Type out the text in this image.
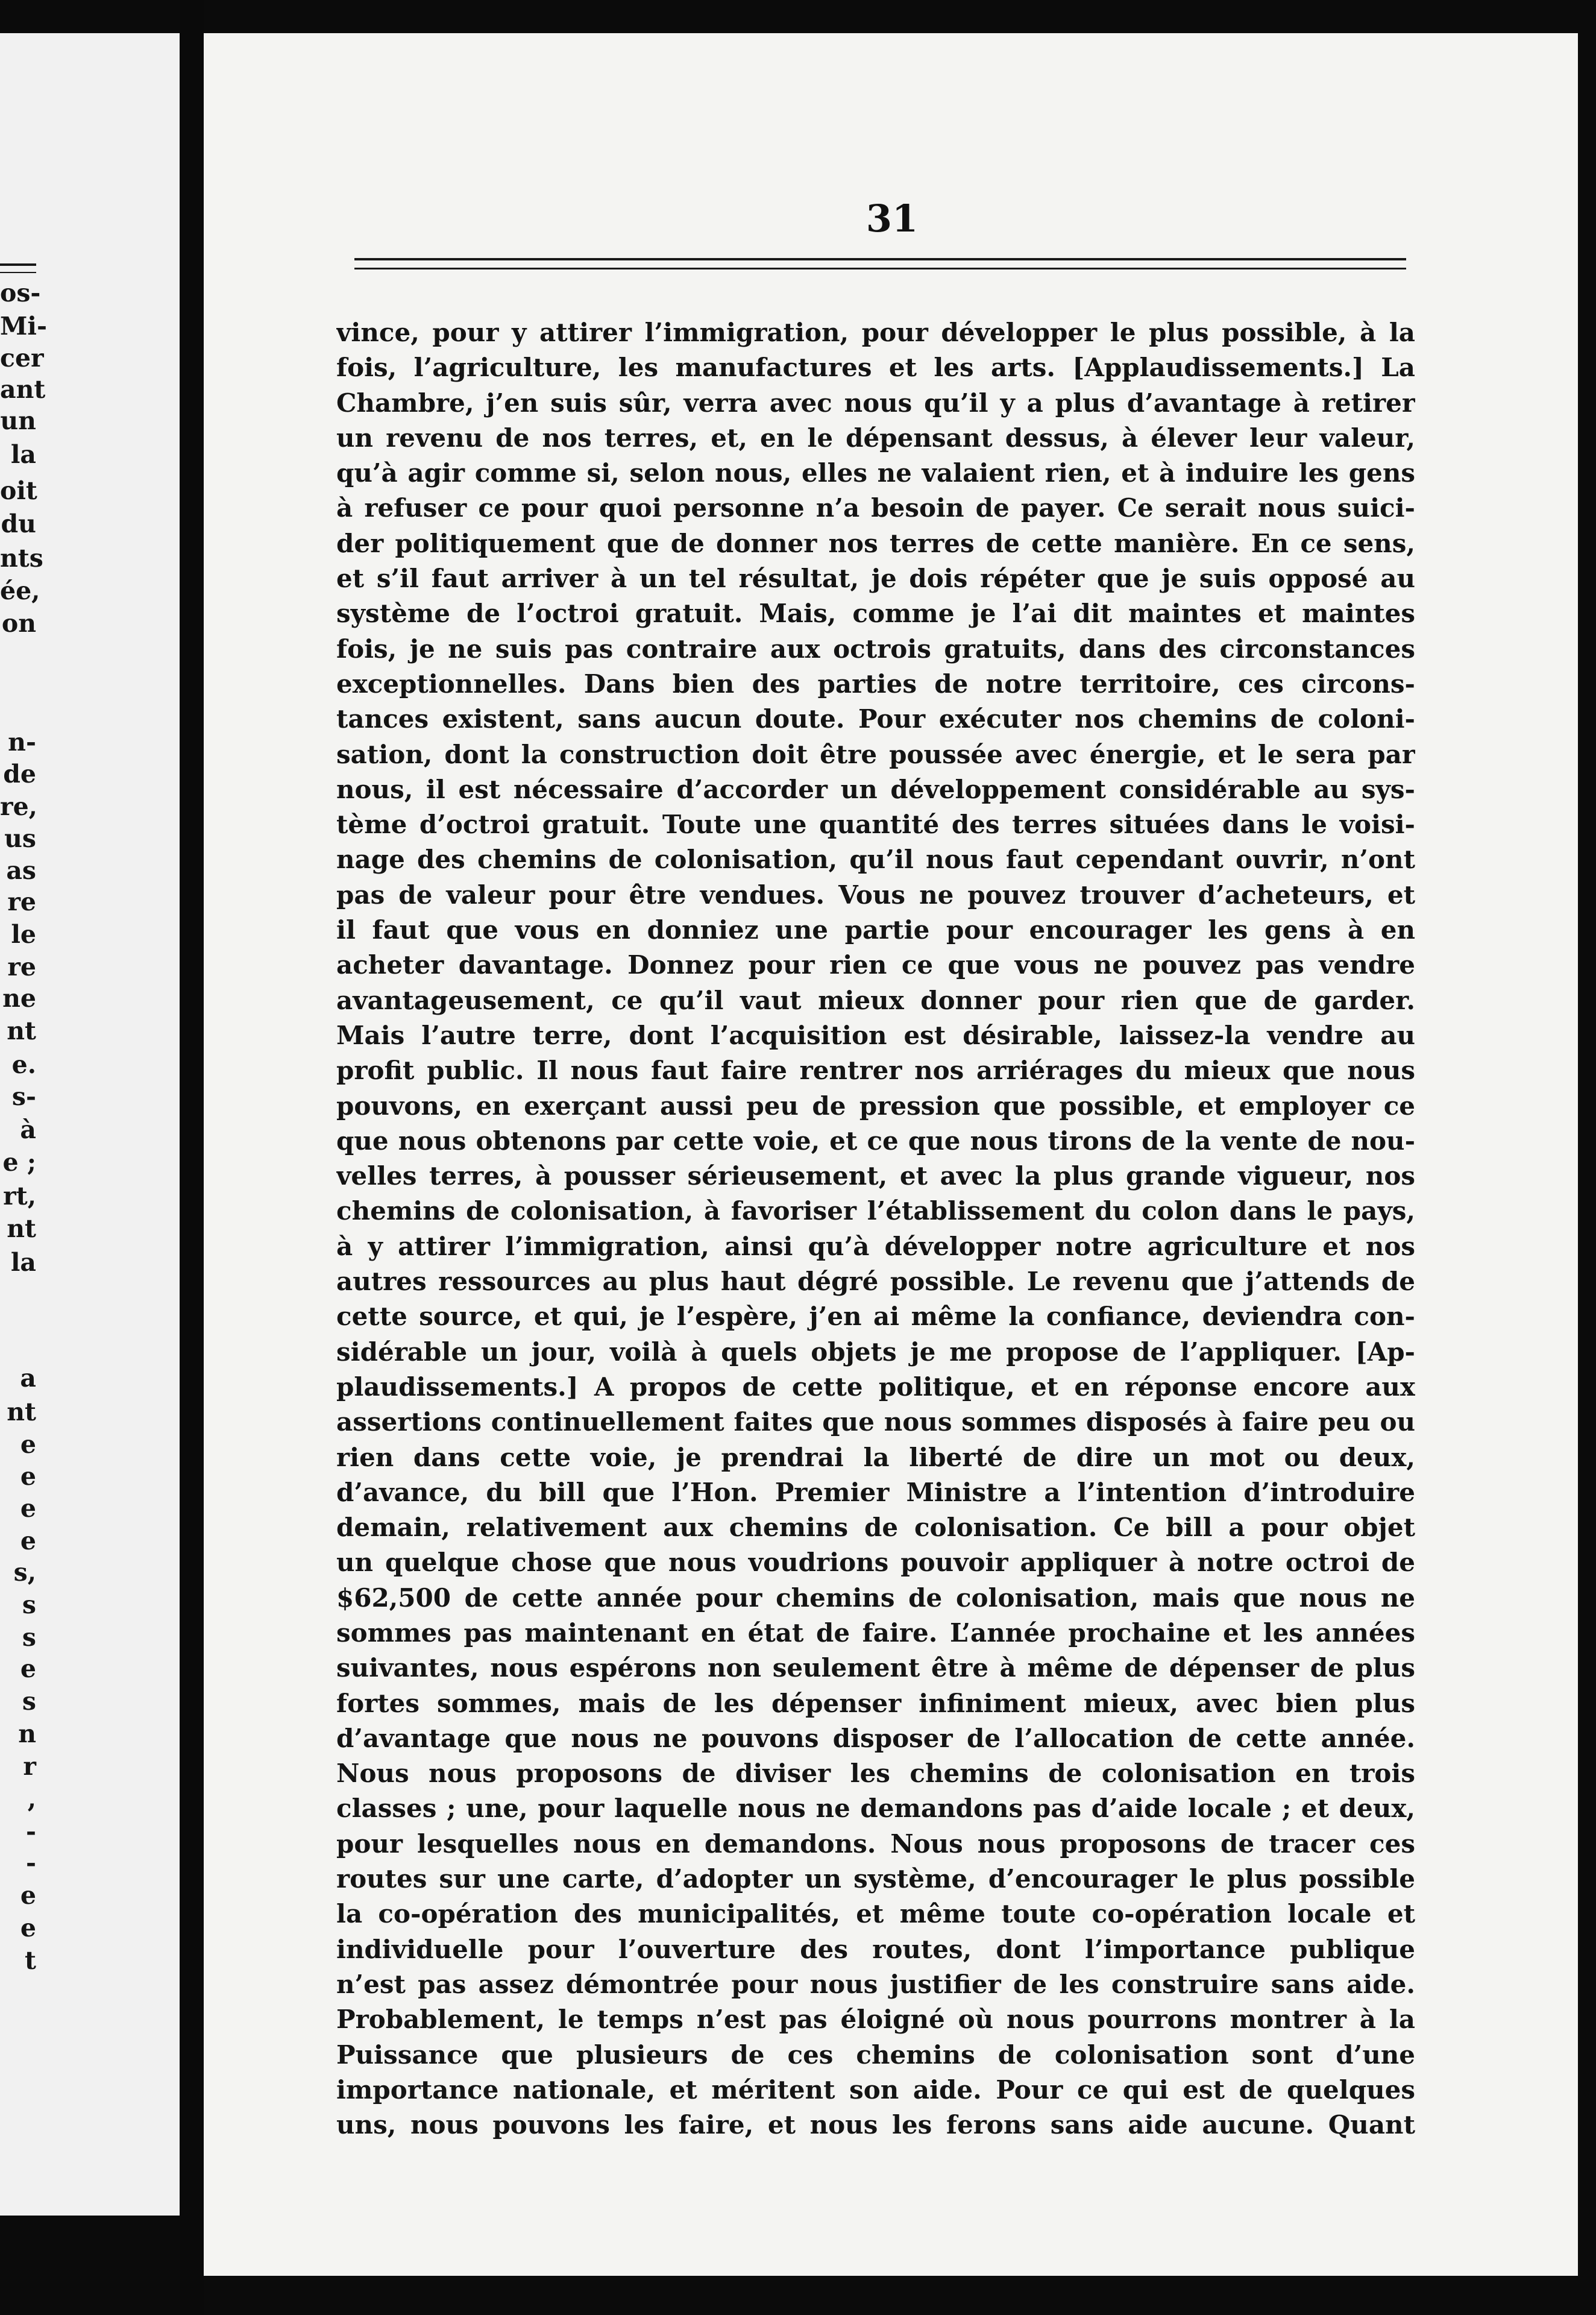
os-
Mi-
cer
ant
un
la
oit
du
nts
ée,
on
n-
de
re,
us
as
re
le
re
ne
nt
e.
s-
à
e ;
rt,
nt
la
a
nt
e
e
e
e
s,
s
s
e
s
n
r
,
-
-
e
e
t
31
vince, pour y attirer l’immigration, pour développer le plus possible, à la
fois, l’agriculture, les manufactures et les arts. [Applaudissements.] La
Chambre, j’en suis sûr, verra avec nous qu’il y a plus d’avantage à retirer
un revenu de nos terres, et, en le dépensant dessus, à élever leur valeur,
qu’à agir comme si, selon nous, elles ne valaient rien, et à induire les gens
à refuser ce pour quoi personne n’a besoin de payer. Ce serait nous suici-
der politiquement que de donner nos terres de cette manière. En ce sens,
et s’il faut arriver à un tel résultat, je dois répéter que je suis opposé au
système de l’octroi gratuit. Mais, comme je l’ai dit maintes et maintes
fois, je ne suis pas contraire aux octrois gratuits, dans des circonstances
exceptionnelles. Dans bien des parties de notre territoire, ces circons-
tances existent, sans aucun doute. Pour exécuter nos chemins de coloni-
sation, dont la construction doit être poussée avec énergie, et le sera par
nous, il est nécessaire d’accorder un développement considérable au sys-
tème d’octroi gratuit. Toute une quantité des terres situées dans le voisi-
nage des chemins de colonisation, qu’il nous faut cependant ouvrir, n’ont
pas de valeur pour être vendues. Vous ne pouvez trouver d’acheteurs, et
il faut que vous en donniez une partie pour encourager les gens à en
acheter davantage. Donnez pour rien ce que vous ne pouvez pas vendre
avantageusement, ce qu’il vaut mieux donner pour rien que de garder.
Mais l’autre terre, dont l’acquisition est désirable, laissez-la vendre au
profit public. Il nous faut faire rentrer nos arriérages du mieux que nous
pouvons, en exerçant aussi peu de pression que possible, et employer ce
que nous obtenons par cette voie, et ce que nous tirons de la vente de nou-
velles terres, à pousser sérieusement, et avec la plus grande vigueur, nos
chemins de colonisation, à favoriser l’établissement du colon dans le pays,
à y attirer l’immigration, ainsi qu’à développer notre agriculture et nos
autres ressources au plus haut dégré possible. Le revenu que j’attends de
cette source, et qui, je l’espère, j’en ai même la confiance, deviendra con-
sidérable un jour, voilà à quels objets je me propose de l’appliquer. [Ap-
plaudissements.] A propos de cette politique, et en réponse encore aux
assertions continuellement faites que nous sommes disposés à faire peu ou
rien dans cette voie, je prendrai la liberté de dire un mot ou deux,
d’avance, du bill que l’Hon. Premier Ministre a l’intention d’introduire
demain, relativement aux chemins de colonisation. Ce bill a pour objet
un quelque chose que nous voudrions pouvoir appliquer à notre octroi de
$62,500 de cette année pour chemins de colonisation, mais que nous ne
sommes pas maintenant en état de faire. L’année prochaine et les années
suivantes, nous espérons non seulement être à même de dépenser de plus
fortes sommes, mais de les dépenser infiniment mieux, avec bien plus
d’avantage que nous ne pouvons disposer de l’allocation de cette année.
Nous nous proposons de diviser les chemins de colonisation en trois
classes ; une, pour laquelle nous ne demandons pas d’aide locale ; et deux,
pour lesquelles nous en demandons. Nous nous proposons de tracer ces
routes sur une carte, d’adopter un système, d’encourager le plus possible
la co-opération des municipalités, et même toute co-opération locale et
individuelle pour l’ouverture des routes, dont l’importance publique
n’est pas assez démontrée pour nous justifier de les construire sans aide.
Probablement, le temps n’est pas éloigné où nous pourrons montrer à la
Puissance que plusieurs de ces chemins de colonisation sont d’une
importance nationale, et méritent son aide. Pour ce qui est de quelques
uns, nous pouvons les faire, et nous les ferons sans aide aucune. Quant
